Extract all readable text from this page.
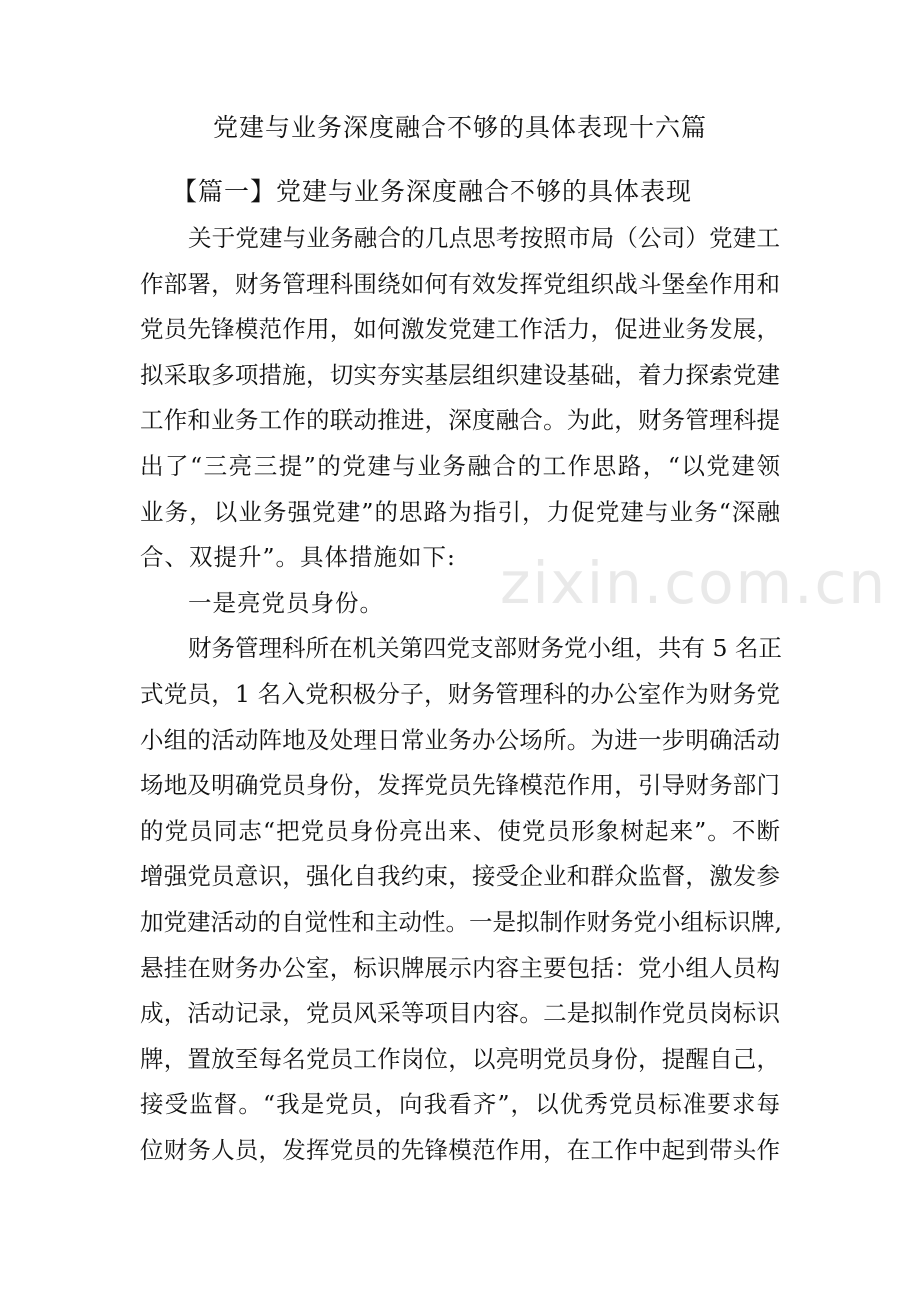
zixin.com.cn
党建与业务深度融合不够的具体表现十六篇
【篇一】党建与业务深度融合不够的具体表现
关于党建与业务融合的几点思考按照市局（公司）党建工
作部署，财务管理科围绕如何有效发挥党组织战斗堡垒作用和
党员先锋模范作用，如何激发党建工作活力，促进业务发展，
拟采取多项措施，切实夯实基层组织建设基础，着力探索党建
工作和业务工作的联动推进，深度融合。为此，财务管理科提
出了“三亮三提”的党建与业务融合的工作思路，“以党建领
业务，以业务强党建”的思路为指引，力促党建与业务“深融
合、双提升”。具体措施如下:
一是亮党员身份。
财务管理科所在机关第四党支部财务党小组，共有 5 名正
式党员，1 名入党积极分子，财务管理科的办公室作为财务党
小组的活动阵地及处理日常业务办公场所。为进一步明确活动
场地及明确党员身份，发挥党员先锋模范作用，引导财务部门
的党员同志“把党员身份亮出来、使党员形象树起来”。不断
增强党员意识，强化自我约束，接受企业和群众监督，激发参
加党建活动的自觉性和主动性。一是拟制作财务党小组标识牌,
悬挂在财务办公室，标识牌展示内容主要包括：党小组人员构
成，活动记录，党员风采等项目内容。二是拟制作党员岗标识
牌，置放至每名党员工作岗位，以亮明党员身份，提醒自己，
接受监督。“我是党员，向我看齐”，以优秀党员标准要求每
位财务人员，发挥党员的先锋模范作用，在工作中起到带头作
